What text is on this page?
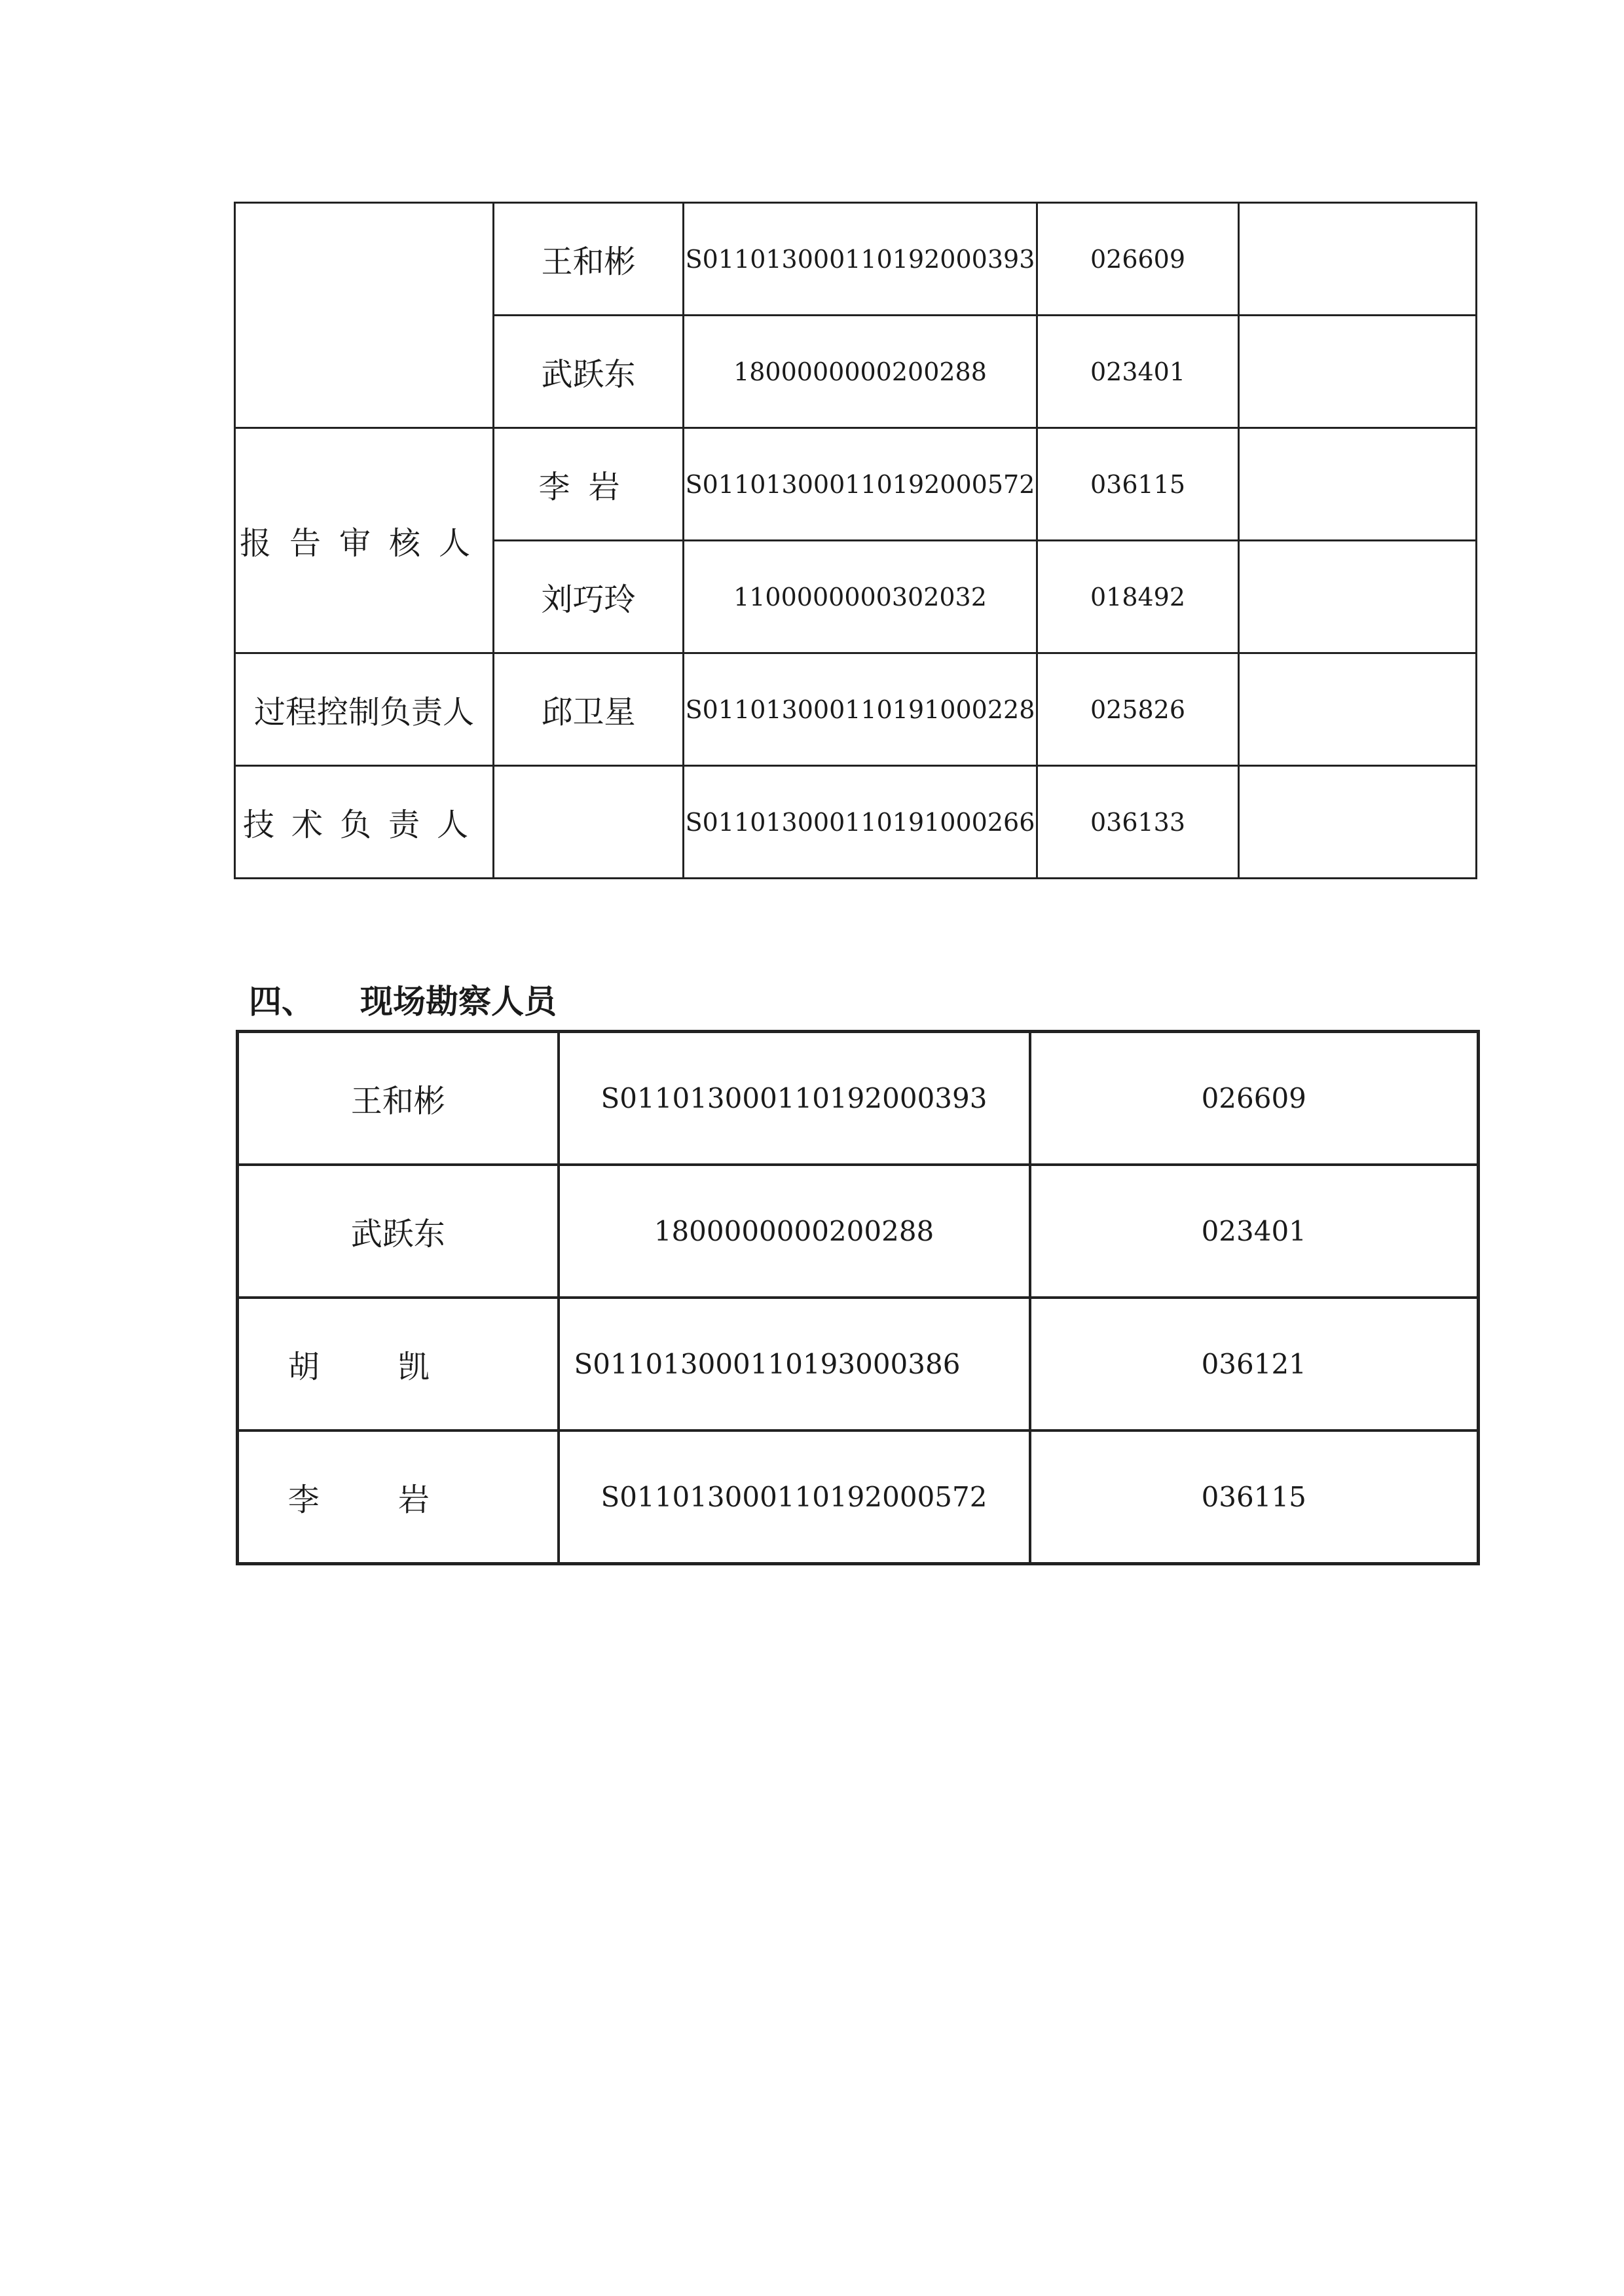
	王和彬	S011013000110192000393	026609	
	武跃东	1800000000200288	023401	
报告审核人	李岩	S011013000110192000572	036115	
	刘巧玲	1100000000302032	018492	
过程控制负责人	邱卫星	S011013000110191000228	025826	
技术负责人		S011013000110191000266	036133	
四、 现场勘察人员
王和彬	S011013000110192000393	026609
武跃东	1800000000200288	023401
胡凯	S011013000110193000386	036121
李岩	S011013000110192000572	036115
